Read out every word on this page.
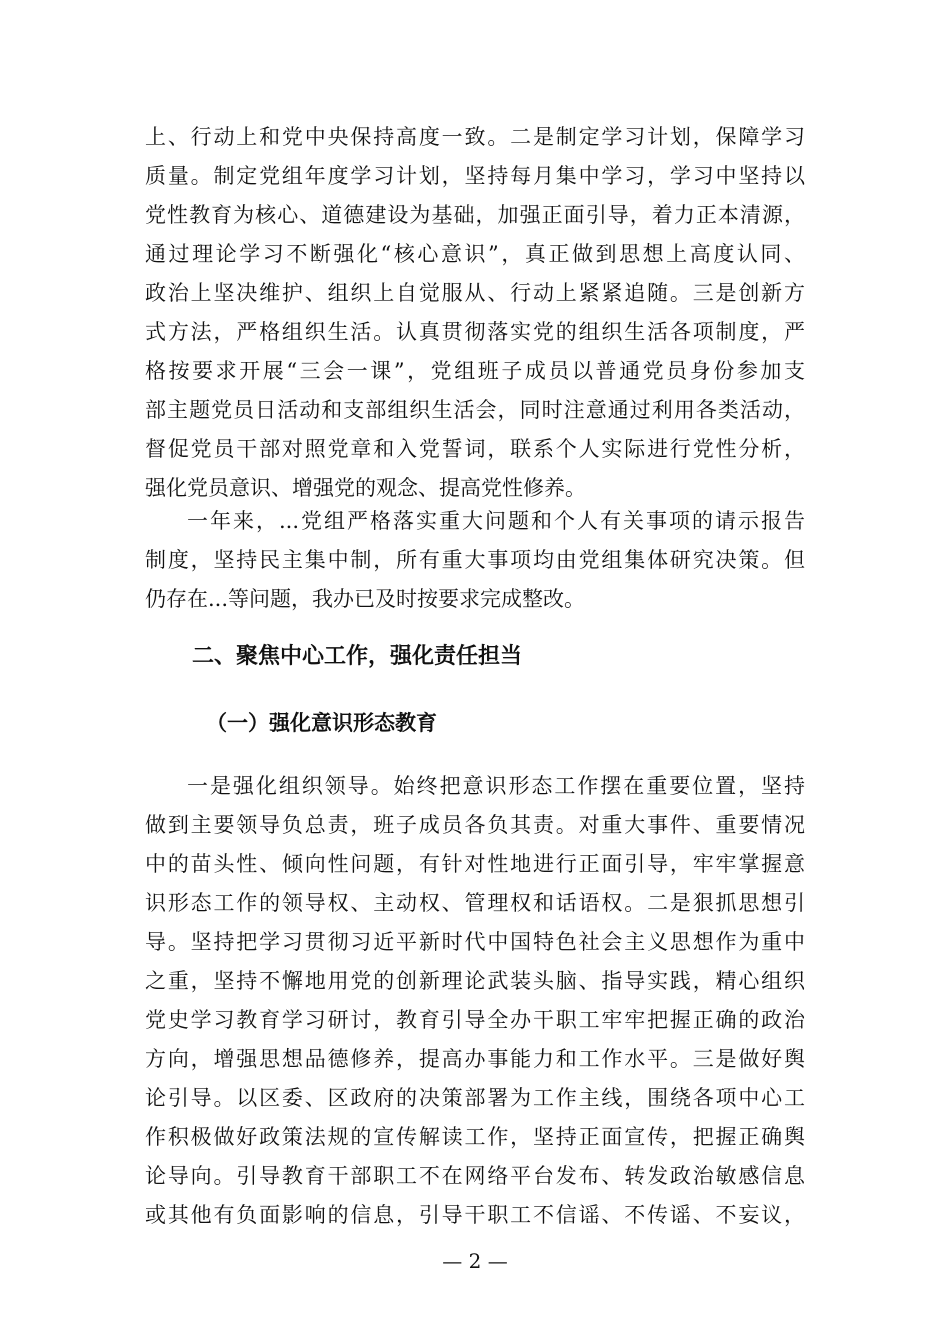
上、行动上和党中央保持高度一致。二是制定学习计划，保障学习
质量。制定党组年度学习计划，坚持每月集中学习，学习中坚持以
党性教育为核心、道德建设为基础，加强正面引导，着力正本清源，
通过理论学习不断强化“核心意识”，真正做到思想上高度认同、
政治上坚决维护、组织上自觉服从、行动上紧紧追随。三是创新方
式方法，严格组织生活。认真贯彻落实党的组织生活各项制度，严
格按要求开展“三会一课”，党组班子成员以普通党员身份参加支
部主题党员日活动和支部组织生活会，同时注意通过利用各类活动，
督促党员干部对照党章和入党誓词，联系个人实际进行党性分析，
强化党员意识、增强党的观念、提高党性修养。
一年来，...党组严格落实重大问题和个人有关事项的请示报告
制度，坚持民主集中制，所有重大事项均由党组集体研究决策。但
仍存在...等问题，我办已及时按要求完成整改。
二、聚焦中心工作，强化责任担当
（一）强化意识形态教育
一是强化组织领导。始终把意识形态工作摆在重要位置，坚持
做到主要领导负总责，班子成员各负其责。对重大事件、重要情况
中的苗头性、倾向性问题，有针对性地进行正面引导，牢牢掌握意
识形态工作的领导权、主动权、管理权和话语权。二是狠抓思想引
导。坚持把学习贯彻习近平新时代中国特色社会主义思想作为重中
之重，坚持不懈地用党的创新理论武装头脑、指导实践，精心组织
党史学习教育学习研讨，教育引导全办干职工牢牢把握正确的政治
方向，增强思想品德修养，提高办事能力和工作水平。三是做好舆
论引导。以区委、区政府的决策部署为工作主线，围绕各项中心工
作积极做好政策法规的宣传解读工作，坚持正面宣传，把握正确舆
论导向。引导教育干部职工不在网络平台发布、转发政治敏感信息
或其他有负面影响的信息，引导干职工不信谣、不传谣、不妄议，
— 2 —
